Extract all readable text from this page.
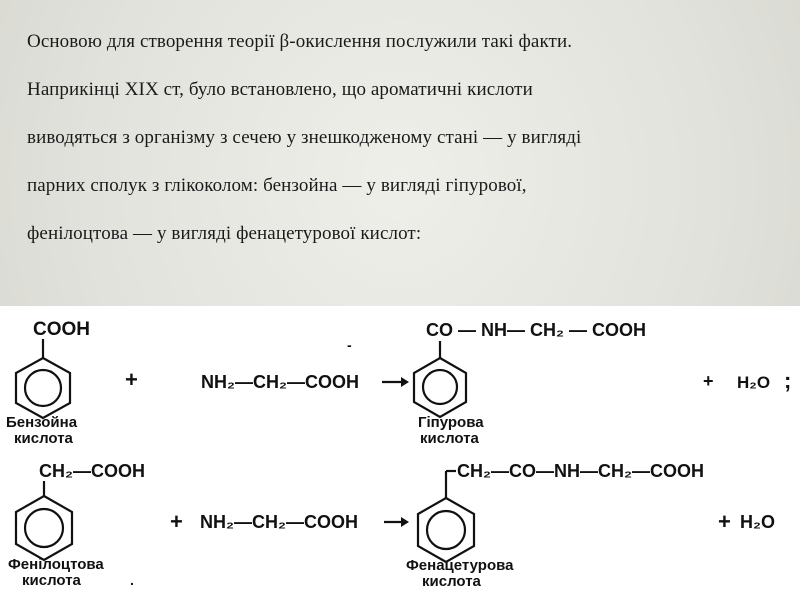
Основою для створення теорії β-окислення послужили такі факти.
Наприкінці XIX ст, було встановлено, що ароматичні кислоти
виводяться з організму з сечею у знешкодженому стані — у вигляді
парних сполук з глікоколом: бензойна — у вигляді гіпурової,
фенілоцтова — у вигляді фенацетурової кислот:
COOH
Бензойна
кислота
+
-
NH₂—CH₂—COOH
CO — NH— CH₂ — COOH
Гіпурова
кислота
+ H₂O ;
CH₂—COOH
Фенілоцтова
кислота	.
+ NH₂—CH₂—COOH
CH₂—CO—NH—CH₂—COOH
Фенацетурова
кислота
+ H₂O
